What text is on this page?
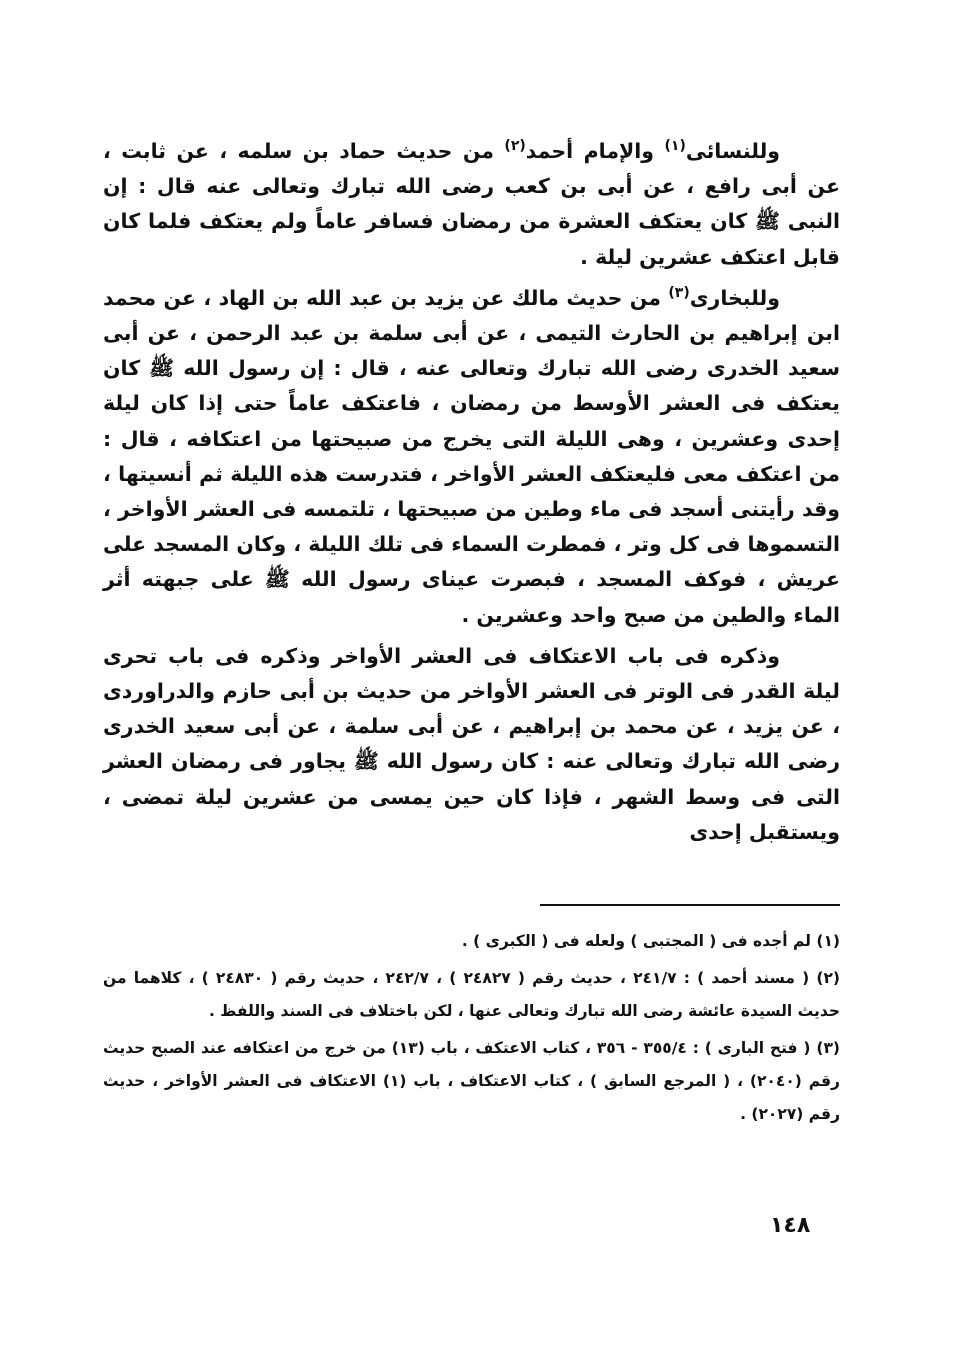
وللنسائى$^{(١)}$ والإمام أحمد$^{(٢)}$ من حديث حماد بن سلمه ، عن ثابت ، عن أبى رافع ، عن أبى بن كعب رضى الله تبارك وتعالى عنه قال : إن النبى ﷺ كان يعتكف العشرة من رمضان فسافر عاماً ولم يعتكف فلما كان قابل اعتكف عشرين ليلة .

وللبخارى$^{(٣)}$ من حديث مالك عن يزيد بن عبد الله بن الهاد ، عن محمد ابن إبراهيم بن الحارث التيمى ، عن أبى سلمة بن عبد الرحمن ، عن أبى سعيد الخدرى رضى الله تبارك وتعالى عنه ، قال : إن رسول الله ﷺ كان يعتكف فى العشر الأوسط من رمضان ، فاعتكف عاماً حتى إذا كان ليلة إحدى وعشرين ، وهى الليلة التى يخرج من صبيحتها من اعتكافه ، قال : من اعتكف معى فليعتكف العشر الأواخر ، فتدرست هذه الليلة ثم أنسيتها ، وقد رأيتنى أسجد فى ماء وطين من صبيحتها ، تلتمسه فى العشر الأواخر ، التسموها فى كل وتر ، فمطرت السماء فى تلك الليلة ، وكان المسجد على عريش ، فوكف المسجد ، فبصرت عيناى رسول الله ﷺ على جبهته أثر الماء والطين من صبح واحد وعشرين .

وذكره فى باب الاعتكاف فى العشر الأواخر وذكره فى باب تحرى ليلة القدر فى الوتر فى العشر الأواخر من حديث بن أبى حازم والدراوردى ، عن يزيد ، عن محمد بن إبراهيم ، عن أبى سلمة ، عن أبى سعيد الخدرى رضى الله تبارك وتعالى عنه : كان رسول الله ﷺ يجاور فى رمضان العشر التى فى وسط الشهر ، فإذا كان حين يمسى من عشرين ليلة تمضى ، ويستقبل إحدى

(١) لم أجده فى ( المجتبى ) ولعله فى ( الكبرى ) .

(٢) ( مسند أحمد ) : ٢٤١/٧ ، حديث رقم ( ٢٤٨٢٧ ) ، ٢٤٢/٧ ، حديث رقم ( ٢٤٨٣٠ ) ، كلاهما من حديث السيدة عائشة رضى الله تبارك وتعالى عنها ، لكن باختلاف فى السند واللفظ .

(٣) ( فتح البارى ) : ٣٥٥/٤ - ٣٥٦ ، كتاب الاعتكف ، باب (١٣) من خرج من اعتكافه عند الصبح حديث رقم (٢٠٤٠) ، ( المرجع السابق ) ، كتاب الاعتكاف ، باب (١) الاعتكاف فى العشر الأواخر ، حديث رقم (٢٠٢٧) .

١٤٨
